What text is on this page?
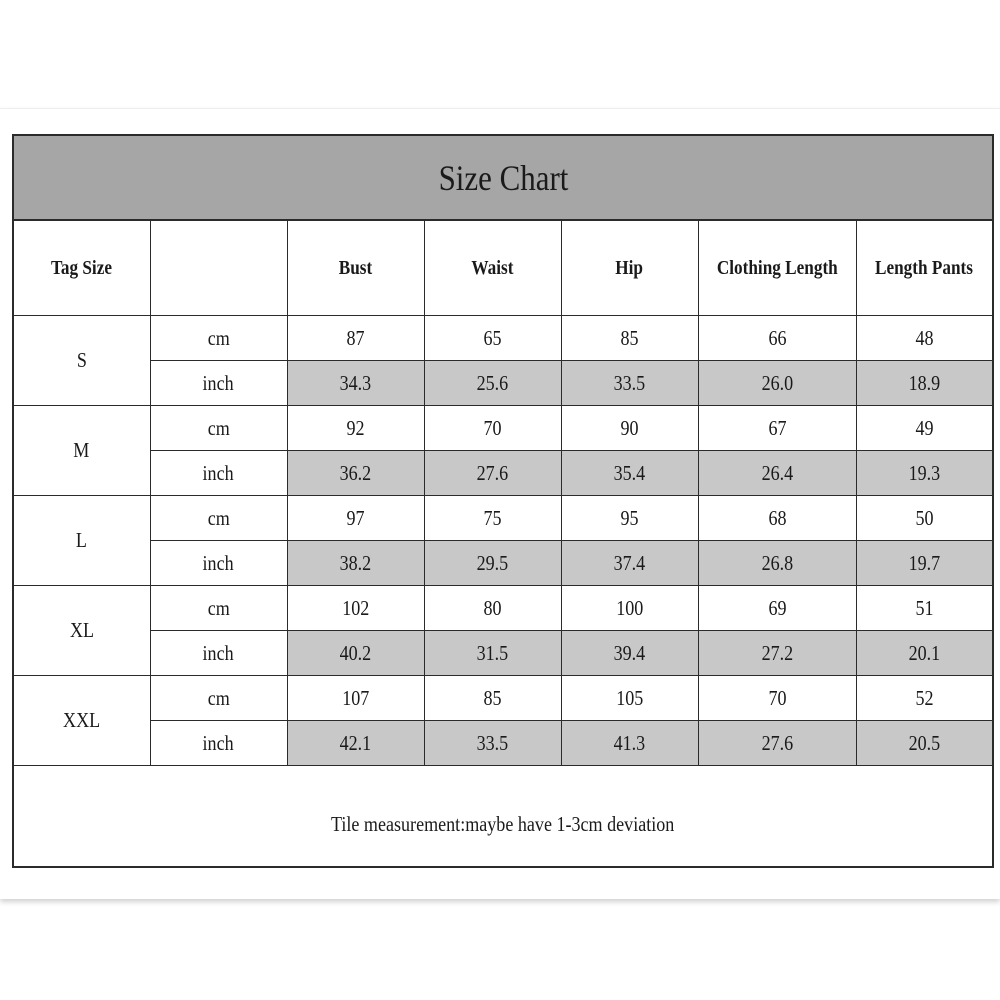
Size Chart
Tag Size		Bust	Waist	Hip	Clothing Length	Length Pants
S	cm	87	65	85	66	48
	inch	34.3	25.6	33.5	26.0	18.9
M	cm	92	70	90	67	49
	inch	36.2	27.6	35.4	26.4	19.3
L	cm	97	75	95	68	50
	inch	38.2	29.5	37.4	26.8	19.7
XL	cm	102	80	100	69	51
	inch	40.2	31.5	39.4	27.2	20.1
XXL	cm	107	85	105	70	52
	inch	42.1	33.5	41.3	27.6	20.5
Tile measurement:maybe have 1-3cm deviation
